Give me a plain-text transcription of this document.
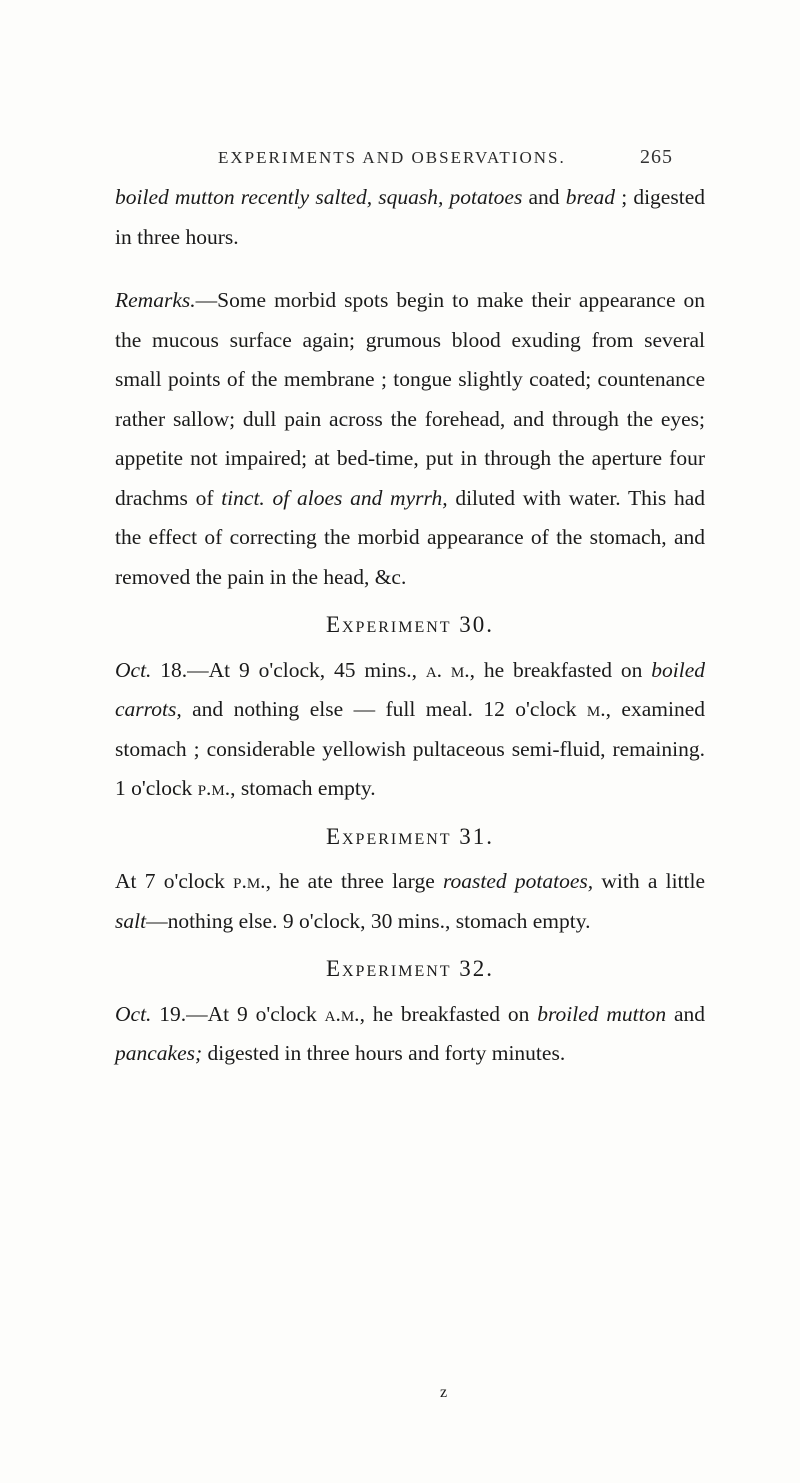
EXPERIMENTS AND OBSERVATIONS.	265

boiled mutton recently salted, squash, potatoes and bread ; digested in three hours.

Remarks.—Some morbid spots begin to make their appearance on the mucous surface again; grumous blood exuding from several small points of the membrane ; tongue slightly coated; countenance rather sallow; dull pain across the forehead, and through the eyes; appetite not impaired; at bed-time, put in through the aperture four drachms of tinct. of aloes and myrrh, diluted with water. This had the effect of correcting the morbid appearance of the stomach, and removed the pain in the head, &c.

Experiment 30.

Oct. 18.—At 9 o'clock, 45 mins., a. m., he breakfasted on boiled carrots, and nothing else — full meal. 12 o'clock m., examined stomach ; considerable yellowish pultaceous semi-fluid, remaining. 1 o'clock p.m., stomach empty.

Experiment 31.

At 7 o'clock p.m., he ate three large roasted potatoes, with a little salt—nothing else. 9 o'clock, 30 mins., stomach empty.

Experiment 32.

Oct. 19.—At 9 o'clock a.m., he breakfasted on broiled mutton and pancakes; digested in three hours and forty minutes.

z
